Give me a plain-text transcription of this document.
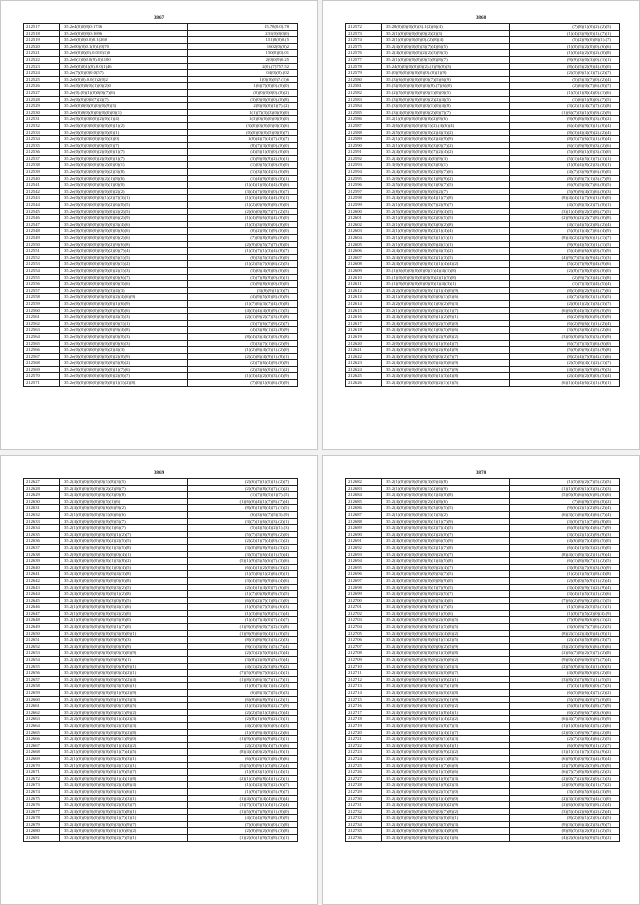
3867
212517	35.2e4(0)0)9)0:1736	15,78(0.0).78
212518	35.2e0(0)0)9)0:1696	231(0)0)0)0)
212519	35.2e0(0)0)0.0)0.1(260	151)8(0)0.(5
212520	35.2e00)(0)0.1(0)1(0)70	1602(0)(0)2
212521	35.2e0(0)0)(0).0.010)1)0	150(0)(0).01
212522	35.2e0(1)0)0.0(9).0)1100	2(0)0(9)0.25
212523	35.2e0(0)0)1)(0).0.0)1)46	2(0).(7)757.52
212524	35.2e(7)(0)(0)0.0(57)	04(0)(0).(02
212525	35.2e0(0)0).0.0(1)2(0)2	1(0)(0)(0)7.(1)6
212526	35.2e(0)(0)0(0)(1)(0)(2)0	1(6)(7)(0)(0).(0)(0)
212527	35.2e(0).(0)(1)(0)0(0)(7)(6)	(0)(0)(0)0(0).(0)(2)
212528	35.2e(0)(0)(0)0(7)(2)(7)	(3)(0)(0)(0)(0).(0)(8)
212529	35.2e0(0)0(0)(0)(0)(0)(9)(3)	2(8)(0)(0)(1)(7).(2)
212530	35.2e0(0)0(0)(0)(0)(0)(0)(0)(1)	1(1)(7)(3)(3)(0)(0)(0)
212531	35.2e(0)(0)(0)0(0)(2)(0)(1)(4)	1(3)(0)(0)(0)(0)(0)(0)
212532	35.2e(0)(0)(0)0(0)(0)(0)(0)(1)(2)	(3)(0)(0)(0)(0)(0)(3)(6)
212533	35.2e(0)(0)(0)0(0)(0)(0)(0)(1)	(0)(0)(0)(0)(5)(0)(0)(7)
212534	35.2e(0)(0)(0)0(0)(0)(0)(3)(0)	1(0)(4)(7)(4)(7).(0)(7)
212535	35.2e(0)(0)(0)0(0)(0)(0)(5)(7)	(8)(7)(3)(0)(0).(0)(0)
212536	35.2e(0)(0)(0)0(0)(2)(0)(0)(1)(7)	(4)(5)(1)(0)(0).(0)(0)
212537	35.2e(0)(0)(0)0(0)(2)(0)(0)(1)(7)	(3)(9)(0)(9)(2).(6)(1)
212538	35.2e(0)(0)(0)0(0)(0)(2)(0)(0)(1)	(1)(0)(5)(3)(0).(0)(0)
212539	35.2e(0)(0)(0)0(0)(0)(0)(2)(3)(8)	(1)(3)(5)(4)(3).(0)(9)
212540	35.2e(0)(0)(0)0(0)(0)(2)(1)(8)(6)	(1)(4)(9)(0)(0).(0)(1)
212541	35.2e(0)(0)(0)0(0)(0)(0)(1)(0)(0)	(1)(4)(1)(0)(4)(4).(8)(6)
212542	35.2e(0)(0)(0)0(0)(0)(0)(0)(2)(2)	(3)(4)(7)(0)(0)(0).(0)(7)
212543	35.2e(0)(0)(0)0(0)(0)(1)(2)(7)(3)(1)	(1)(3)(4)(0)(4)(4).(0)(1)
212544	35.2e(0)(0)(0)0(0)(0)(0)(2)(6)(0)(5)	(1)(2)(0)(9)(8)(8).(0)(0)
212545	35.2e(0)(0)(0)0(0)(0)(0)(0)(2)(2)(5)	(2)(6)(0)(8)(7)(7).(2)(5)
212546	35.2e(0)(0)(0)0(0)(0)(0)(0)(6)(2)(9)	(1)(4)(9)(6)(0)(4).(0)(0)
212547	35.2e(0)(0)(0)0(0)(0)(0)(0)(3)(4)(6)	(1)(3)(3)(0)(0)(0).(0)(0)
212548	35.2e(0)(0)(0)0(0)(0)(0)(0)(0)(6)(6)	(0)(2)(0)(1)(9).(0)(0)
212549	35.2e(0)(0)(0)0(0)(0)(0)(0)(0)(2)(6)	(7)(0)(8)(8)(8).(0)(0)
212550	35.2e(0)(0)(0)0(0)(0)(0)(2)(9)(6)(8)	(2)(9)(0)(5)(7)(7).(8)(0)
212551	35.2e(0)(0)(0)0(0)(0)(0)(2)(0)(7)(4)	(1)(3)(7)(1)(3)(4).(8)(7)
212552	35.2e(0)(0)(0)0(0)(0)(0)(0)(5)(1)(5)	(0)(3)(5)(3)(5).(0)(0)
212553	35.2e(0)(0)(0)0(0)(0)(0)(0)(0)(1)(2)	(1)(2)(5)(7)(6)(6).(2)(5)
212554	35.2e(0)(0)(0)0(0)(0)(0)(0)(2)(1)(3)	(3)(0)(4)(9)(0).(0)(0)
212555	35.2e(0)(0)(0)0(0)(0)(0)(0)(0)(6)(7)	(3)(7)(8)(9)(0).(0)(1)
212556	35.2e(0)(0)(0)0(0)(0)(0)(0)(0)(3)(6)	(3)(9)(8)(6)(0).(0)(0)
212557	35.2e(0)(0)(0)0(0)(0)(0)(3)(4)(3)	(3)(8)(9)(1)(3)(7)
212558	35.2e(0)(0)(0)0(0)(0)(0)(0)(2)(4)(6)(9)	(4)(9)(5)(0)(8).(0)(9)
212559	35.2e(0)(0)(0)0(0)(0)(0)(0)(1)(6)(9)	(1)(7)(6)(3)(7)(4).(0)(8)
212560	35.2e(0)(0)(0)0(0)(0)(0)(0)(5)(8)(6)	(4)(3)(4)(4)(8)(9).(1)(5)
212561	35.2e(0)(0)(0)0(0)(0)(0)(0)(4)(3)(3)	(2)(1)(9)(2)(7)(3).(0)(8)
212562	35.2e(0)(0)(0)0(0)(0)(0)(0)(0)(1)(1)	(3)(7)(6)(7)(9).(2)(7)
212563	35.2e(0)(0)(0)0(0)(0)(0)(0)(9)(4)(8)	(4)(3)(8)(1)(2).(8)(9)
212564	35.2e(0)(0)(0)0(0)(0)(0)(0)(0)(0)(3)	(8)(4)(3)(4)(3)(0).(8)(8)
212565	35.2e(0)(0)(0)0(0)(0)(0)(0)(0)(6)(3)	(5)(3)(7)(1)(6).(2)(9)
212566	35.2e(0)(0)(0)0(0)(0)(0)(2)(4)(3)	(1)(2)(8)(4)(5)(1).(2)(0)
212567	35.2e(0)(0)(0)0(0)(0)(0)(0)(2)(0)(9)	(2)(2)(8)(4)(9)(1).(8)(1)
212568	35.2e(0)(0)(0)0(0)(0)(0)(0)(5)(8)(2)	(2)(7)(6)(4)(9).(0)(9)
212569	35.2e(0)(0)(0)0(0)(0)(0)(0)(1)(7)(6)	(2)(3)(6)(0)(3).(1)(2)
212570	35.2e(0)(0)(0)0(0)(0)(0)(0)(2)(0)(7)	(1)(3)(4)(2)(0)(3).(4)(9)
212571	35.2e(0)(0)(0)0(0)(0)(0)(0)(1)(1)(2)(8)	(7)(0)(1)(6)(6).(0)(9)
3868
212572	35.28(0)(0)(0)(0)(3).1(2)(6)(4)	(7)(8)(1)(0)(2).(2)(5)
212573	35.2(1)(0)(0)(0)(0)(0)(2)(2)(3)	(1)(4)(3)(9)(0)(1).(7)(1)
212574	35.2(1)(0)(0)(0)(0)(0).(2)(8)(4)	(5)(2)(9)(0)(8)(1).(7)
212575	35.2(4)(0)(0)(0)(0)(3)(7)(4)(6)(5)	(1)(0)(5)(2)(0)(0).(6)(6)
212576	35.2(4)(0)(0)(0)(0)(2)(2)(3)(9)(3)	(1)(0)(4)(2)(0)(2).(0)(8)
212577	35.2(1)(0)(0)(0)(0)(0)(1)(8)(8)(7)	(9)(9)(3)(0)(3)(0).(1)(1)
212578	35.24(0)(0)(0)(0)(0)(2).(1)(9)(0)(3)	(8)(4)(5)(2)(9)(4).(0)(0)
212579	35.(0)(9)(0)(0)(0)(0)(0).(0)(1)(9)	(2)(5)(0)(1)(1)(7).(2)(7)
212580	35.(3)(6)(0)(0)(0)(0)(0)(7)(5)(6)(9)	(5)(5)(3)(7)(0).(2)(4)
212581	35.(3)(0)(0)(0)(0)(0)(0)(8).(7)(6)(0)	(2)(6)(0)(7)(6).(0)(7)
212582	35.(2)(5)(0)(0)(0)(0)(0)(1)(0)(0)(5)	(1)(5)(1)(8)(4)(0).(1)(6)
212583	35.(3)(8)(0)(0)(0)(0)(0)(2)(2)(4)(5)	(1)(6)(1)(8)(0).(7)(5)
212584	35.(3)(0)(0)(0)(0)(0)(0)(1)(0)(4)(8)	(3)(2)(1)(4)(7)(7).(2)(8)
212585	35.(3)(4)(0)(0)(0)(0)(0)(2)(0)(7)(7)	(1)(6)(7)(3)(1)(0)(9).(2)(9)
212586	35.2(1)(0)(0)(0)(0)(0)(0)(2)(9)(6)	(9)(9)(8)(0)(8)(3).(8)(2)
212587	35.2(6)(0)(0)(0)(0)(0)(1)(2).(4)(6)(4)	(6)(4)(8)(9)(3)(1).(0)(4)
212588	35.2(5)(0)(0)(0)(0)(0)(0)(2)(4)(3)(2)	(8)(3)(4)(4)(9)(2).(2)(4)
212589	35.2(1)(5)(0)(0)(0)(0)(0)(2)(4)(9)(9)	(8)(5)(7)(6)(5)(1).(0)(4)
212590	35.2(1)(0)(0)(0)(0)(0)(0)(3)(0)(7)(2)	(6)(1)(9)(9)(0)(3).(2)(6)
212591	35.2(4)(0)(0)(0)(0)(0)(0)(7)(2)(4)(2)	(5)(0)(8)(1)(0)(3).(3)(0)
212592	35.2(4)(0)(0)(0)(0)(0)(4)(0)(9)(3)	(5)(1)(4)(5)(1)(7).(1)(1)
212593	35.3(0)(9)(0)(0)(0)(0)(0)(3)(0)(1)	(1)(8)(4)(8)(2)(3).(8)(1)
212594	35.2(4)(0)(0)(0)(0)(0)(0)(2)(8)(7)(6)	(4)(7)(3)(9)(9)(6).(0)(0)
212595	35.2(0)(9)(0)(0)(0)(0)(0)(1)(8)(9)(2)	(8)(3)(9)(7)(1)(3).(7)(9)
212596	35.2(5)(0)(0)(0)(0)(0)(0)(1)(0)(7)(5)	(6)(9)(5)(0)(7)(6).(8)(5)
212597	35.2(8)(9)(0)(0)(0)(0)(0)(0)(2)(7)	(5)(9)(9)(4)(5)(6).(0)(3)
212598	35.2(4)(0)(0)(0)(0)(0)(0)(4)(1)(7)(8)	(8)(4)(4)(1)(7)(6)(1).(0)(0)
212599	35.2(1)(0)(0)(0)(0)(0)(0)(7)(2)(9)(7)	(4)(5)(8)(3)(2)(7).(0)(1)
212600	35.2(5)(0)(0)(0)(0)(0)(0)(2)(9)(4)(5)	(3)(1)(4)(8)(2)(5)(8).(7)(5)
212601	35.2(1)(0)(0)(0)(0)(0)(0)(2)(0)(5)(5)	(2)(9)(6)(2)(2)(7)(8).(0)(8)
212602	35.2(1)(0)(0)(0)(0)(0)(0)(3)(0)(2)(8)	(4)(1)(4)(5)(2)(8).(2)(4)
212603	35.2(1)(0)(0)(0)(0)(0)(0)(2)(1)(4)(4)	(5)(0)(1)(4)(7)(6).(4)(9)
212604	35.2(1)(0)(0)(0)(0)(0)(0)(3)(1)(1)(1)	(8)(4)(2)(2)(9)(6)(1).(1)(7)
212605	35.2(1)(0)(0)(0)(0)(0)(0)(0)(4)(1)(1)	(9)(9)(4)(5)(3)(1).(1)(5)
212606	35.2(4)(0)(0)(0)(0)(0)(0)(0)(4)(3)(2)	(5)(4)(6)(6)(6)(0).(5)(9)
212607	35.2(4)(0)(0)(0)(0)(0)(0)(2)(1)(3)(5)	(4)(9)(7)(5)(4)(9)(4).(5)(3)
212608	35.2(4)(0)(0)(0)(0)(0)(0)(1)(1)(4)(4)(2)	(5)(2)(7)(9)(9)(4).(9)(6)
212609	35.(1)(6)(0)(0)(0)(0)(0)(1)(4)(4)(1)(8)	(2)(8)(7)(8)(0)(0).(0)(0)
212610	35.(1)(0)(0)(0)(0)(0)(0)(0)(2)(1)(5)(8)	(2)(9)(7)(3)(4).(3)(8)
212611	35.(1)(9)(0)(0)(0)(0)(0)(0)(1)(4)(3)(1)	(1)(7)(3)(5)(4).(5)(4)
212612	35.2(2)(0)(0)(0)(0)(0)(0)(1)(1)(4)(0)(9)	(8)(3)(8)(2)(9)(4).(7)(6)
212613	35.2(1)(0)(0)(0)(0)(0)(0)(0)(0)(1)(5)(6)	(4)(7)(3)(0)(3)(1).(0)(5)
212614	35.2(2)(0)(0)(0)(0)(0)(0)(1)(0)(2)(9)(3)	(2)(8)(1)(2)(1)(3).(3)(7)
212615	35.2(1)(0)(0)(0)(0)(0)(0)(0)(2)(3)(1)(7)	(6)(6)(8)(4)(3)(3)(9).(0)(9)
212616	35.2(4)(0)(0)(0)(0)(0)(0)(0)(1)(2)(9)(1)	(6)(2)(9)(8)(6)(9).(0)(9)
212617	35.2(4)(0)(0)(0)(0)(0)(0)(0)(2)(5)(8)(0)	(6)(2)(9)(6)(1)(1).(2)(4)
212618	35.2(4)(0)(0)(0)(0)(0)(0)(1)(0)(5)(9)(6)	(3)(9)(3)(8)(4)(5).(2)(6)
212619	35.2(4)(0)(0)(0)(0)(0)(0)(0)(2)(9)(8)(2)	(3)(0)(8)(8)(5)(0)(3).(0)(9)
212620	35.2(0)(0)(0)(0)(0)(0)(0)(1)(1)(0)(4)(7)	(6)(7)(7)(3)(5)(6).(6)(0)
212621	35.2(4)(0)(0)(0)(0)(0)(0)(0)(2)(8)(4)(9)	(5)(9)(0)(9)(4)(5).(9)(8)
212622	35.2(4)(0)(0)(0)(0)(0)(0)(0)(0)(2)(7)(7)	(8)(2)(4)(7)(8)(4).(1)(6)
212623	35.2(4)(0)(0)(0)(0)(0)(0)(0)(4)(0)(6)(9)	(2)(5)(8)(4)(1)(2).(1)(7)
212624	35.2(4)(0)(0)(0)(0)(0)(0)(0)(1)(3)(7)(9)	(4)(5)(6)(3)(9)(8).(9)(3)
212625	35.2(4)(0)(0)(0)(0)(0)(0)(0)(1)(3)(4)(8)	(2)(4)(8)(2)(8)(0).(5)(4)
212626	35.2(4)(0)(0)(0)(0)(0)(0)(0)(2)(1)(1)(5)	(6)(1)(4)(4)(6)(2)(1).(8)(1)
3869
212627	35.2(4)(0)(0)(0)(0)(0)(1)(8)(3)(5)	(2)(6)(7)(1)(5)(1).(2)(7)
212628	35.2(4)(0)(0)(0)(0)(0)(2)(2)(8)(7)	(2)(9)(5)(8)(3)(7).(1)(2)
212629	35.2(4)(0)(0)(0)(0)(0)(0)(3)(0)(8)	(1)(7)(8)(5)(1)(7).(5)
212630	35.2(4)(0)(0)(0)(0)(0)(5)(1)(6)	(1)(6)(0)(4)(1)(7)(8).(7)(4)
212631	35.2(4)(0)(0)(0)(0)(0)(6)(6)(9)(2)	(8)(8)(1)(9)(4)(7).(1)(5)
212632	35.2(1)(0)(0)(0)(0)(0)(1)(6)(6)(6)	(6)(3)(6)(7)(5)(3).(9)
212633	35.2(4)(0)(0)(0)(0)(0)(0)(9)(5)(7)	(3)(7)(1)(6)(5)(3).(2)(1)
212634	35.2(1)(0)(0)(0)(0)(0)(0)(1)(6)(7)	(5)(4)(5)(4)(2)(1).(3)
212635	35.2(4)(0)(0)(0)(0)(0)(0)(0)(1)(2)(7)	(5)(7)(5)(8)(9)(9).(2)(0)
212636	35.2(4)(0)(0)(0)(0)(0)(0)(2)(2)(5)(5)	(2)(2)(1)(7)(4)(0).(1)(2)
212637	35.2(4)(0)(0)(0)(0)(0)(0)(1)(3)(5)(8)	(3)(0)(8)(8)(9)(4).(3)(2)
212638	35.2(0)(0)(0)(0)(0)(0)(0)(0)(0)(4)(1)	(3)(5)(7)(6)(4)(1).(5)(4)
212639	35.2(4)(0)(0)(0)(0)(0)(0)(1)(3)(8)(2)	(5)(1)(9)(5)(5)(6)(7).(3)(6)
212640	35.2(4)(0)(0)(0)(0)(0)(0)(1)(0)(4)(5)	(6)(4)(1)(2)(0)(6).(3)(2)
212641	35.2(4)(0)(0)(0)(0)(0)(0)(0)(4)(3)(8)	(1)(5)(0)(1)(2)(6).(0)(1)
212642	35.2(4)(0)(0)(0)(0)(0)(0)(0)(0)(6)(8)	(3)(4)(5)(9)(9)(6).(4)(6)
212643	35.2(4)(0)(0)(0)(0)(0)(0)(0)(3)(2)(5)	(2)(4)(1)(4)(0)(7).(6)(0)
212644	35.2(4)(0)(0)(0)(0)(0)(0)(0)(1)(2)(8)	(1)(7)(0)(8)(8)(9).(5)(5)
212645	35.2(4)(0)(0)(0)(0)(0)(0)(3)(0)(8)(5)	(6)(0)(2)(7)(1)(8).(1)(0)
212646	35.2(1)(0)(0)(0)(0)(0)(0)(0)(4)(1)(6)	(1)(9)(5)(7)(5)(6).(6)(3)
212647	35.2(1)(0)(0)(0)(0)(0)(0)(0)(2)(2)(0)	(1)(3)(6)(5)(8)(5).(1)(4)
212648	35.2(1)(0)(0)(0)(0)(0)(0)(0)(5)(0)(0)	(1)(4)(7)(4)(0)(7).(4)(7)
212649	35.2(4)(0)(0)(0)(0)(0)(0)(0)(1)(7)(0)	(1)(9)(0)(9)(0)(7)(2).(3)(8)
212650	35.2(4)(0)(0)(0)(0)(0)(0)(0)(3)(0)(0)(1)	(1)(9)(9)(6)(0)(4)(1).(0)(5)
212651	35.2(4)(0)(0)(0)(0)(0)(0)(0)(0)(9)(3)	(8)(3)(8)(9)(3)(3).(2)(3)
212652	35.2(4)(0)(0)(0)(0)(0)(0)(0)(0)(0)(9)	(9)(1)(3)(0)(1)(5).(7)(4)
212653	35.2(4)(0)(0)(0)(0)(0)(0)(0)(0)(3)(0)(9)	(2)(5)(2)(5)(0)(4).(5)(4)
212654	35.2(4)(0)(0)(0)(0)(0)(0)(0)(0)(9)(1)	(3)(8)(2)(0)(8)(5).(5)(4)
212655	35.2(4)(0)(0)(0)(0)(0)(0)(0)(0)(8)(9)(1)	(4)(1)(2)(2)(3)(8).(9)(2)
212656	35.2(0)(0)(0)(0)(0)(0)(0)(0)(0)(4)(2)(1)	(7)(5)(9)(9)(7)(6)(2).(4)(1)
212657	35.2(4)(0)(0)(0)(0)(0)(0)(0)(0)(5)(2)(4)	(1)(8)(3)(6)(3)(7)(1).(7)(1)
212658	35.2(4)(0)(0)(0)(0)(0)(0)(0)(3)(5)(6)(1)	(1)(8)(7)(4)(1)(4).(2)(3)
212659	35.2(4)(0)(0)(0)(0)(0)(0)(0)(1)(9)(2)(9)	(6)(8)(3)(7)(5).(0)(3)
212660	35.2(4)(0)(0)(0)(0)(0)(0)(0)(1)(0)(3)(3)	(6)(8)(6)(8)(9)(1).(2)(1)
212661	35.2(4)(0)(0)(0)(0)(0)(0)(0)(0)(1)(8)(5)	(1)(3)(2)(6)(8)(2).(7)(9)
212662	35.2(2)(0)(0)(0)(0)(0)(0)(0)(0)(1)(9)(2)	(2)(2)(5)(1)(3)(6).(5)(4)
212663	35.2(2)(0)(0)(0)(0)(0)(0)(0)(1)(4)(2)(3)	(2)(8)(1)(6)(9)(2).(3)(1)
212664	35.2(4)(0)(0)(0)(0)(0)(0)(0)(2)(3)(5)(3)	(4)(2)(0)(3)(6)(0).(4)(3)
212665	35.2(4)(0)(0)(0)(0)(0)(0)(0)(0)(0)(2)(8)	(1)(0)(9)(4)(0)(3).(2)(6)
212666	35.2(4)(0)(0)(0)(0)(0)(0)(0)(0)(1)(9)(0)	(1)(9)(6)(8)(6)(9)(8).(3)(1)
212667	35.2(4)(0)(0)(0)(0)(0)(0)(0)(1)(4)(4)(2)	(2)(2)(3)(8)(4)(7).(6)(6)
212668	35.2(1)(0)(0)(0)(0)(0)(0)(0)(1)(7)(4)(5)	(8)(4)(4)(0)(2)(9)(4).(0)(1)
212669	35.2(1)(0)(0)(0)(0)(0)(0)(0)(2)(8)(3)(1)	(6)(9)(2)(9)(5)(8).(8)(6)
212670	35.2(1)(0)(0)(0)(0)(0)(0)(0)(4)(1)(2)(1)	(5)(5)(8)(9)(1)(3)(8).(2)(4)
212671	35.2(4)(0)(0)(0)(0)(0)(0)(0)(1)(9)(5)(7)	(1)(8)(3)(1)(0)(1).(4)(1)
212672	35.2(4)(0)(0)(0)(0)(0)(0)(0)(1)(4)(1)(8)	(2)(1)(3)(8)(8)(4)(1).(2)(1)
212673	35.2(4)(0)(0)(0)(0)(0)(0)(0)(2)(4)(8)(4)	(1)(4)(2)(3)(5)(2).(6)(7)
212674	35.2(4)(0)(0)(0)(0)(0)(0)(0)(3)(6)(6)(1)	(1)(9)(7)(0)(6)(5).(9)(7)
212675	35.2(4)(0)(0)(0)(0)(0)(0)(0)(4)(2)(3)(1)	(1)(4)(6)(7)(4)(4)(6).(0)(4)
212676	35.2(4)(0)(0)(0)(0)(0)(0)(0)(2)(0)(3)(7)	(1)(7)(3)(7)(1)(4)(1).(2)(4)
212677	35.2(4)(0)(0)(0)(0)(0)(0)(0)(2)(5)(8)(1)	(1)(5)(9)(7)(9)(0)(1).(0)(0)
212678	35.2(4)(0)(0)(0)(0)(0)(0)(0)(1)(7)(1)(1)	(4)(3)(4)(9)(9)(8).(8)(9)
212679	35.2(4)(0)(0)(0)(0)(0)(0)(0)(3)(6)(9)(7)	(7)(6)(6)(9)(6)(0).(1)(8)
212680	35.2(4)(0)(0)(0)(0)(0)(0)(0)(1)(6)(0)(2)	(2)(8)(9)(2)(6)(9).(3)(8)
212681	35.2(4)(0)(0)(0)(0)(0)(0)(0)(2)(7)(5)(1)	(1)(2)(6)(1)(9)(5)(8).(3)(1)
3870
212682	35.2(1)(0)(0)(0)(0)(0)(3)(0)(4)(8)	(1)(5)(0)(2)(7)(5).(2)(5)
212683	35.2(1)(0)(0)(0)(0)(0)(1)(2)(6)(9)	(1)(1)(0)(0)(1)(3)(3).(2)(3)
212684	35.2(4)(0)(0)(0)(0)(0)(0)(1)(4)(0)(8)	(5)(0)(8)(6)(6)(6)(8).(0)(6)
212685	35.2(4)(0)(0)(0)(0)(0)(2)(4)(8)(6)	(7)(6)(9)(5)(9).(0)(2)
212686	35.2(4)(0)(0)(0)(0)(0)(0)(3)(0)(5)(5)	(9)(6)(2)(1)(2)(8).(2)(4)
212687	35.2(1)(0)(0)(0)(0)(0)(1)(1)(3)(2)	(6)(3)(1)(6)(8)(4)(6).(7)(4)
212688	35.2(4)(0)(0)(0)(0)(0)(0)(1)(1)(7)(9)	(3)(0)(7)(1)(7)(8).(8)(0)
212689	35.2(4)(0)(0)(0)(0)(0)(0)(2)(7)(4)(5)	(6)(8)(4)(9)(4)(6).(7)(9)
212690	35.2(4)(0)(0)(0)(0)(0)(0)(2)(2)(0)(7)	(3)(3)(2)(1)(2)(9).(9)(3)
212691	35.2(4)(0)(0)(0)(0)(0)(0)(0)(6)(5)(9)	(4)(6)(8)(7)(4)(8).(5)(0)
212692	35.2(4)(0)(0)(0)(0)(0)(0)(2)(1)(7)(8)	(6)(4)(1)(0)(3)(2).(0)(0)
212693	35.2(4)(0)(0)(0)(0)(0)(0)(0)(2)(0)(7)	(8)(4)(1)(8)(3)(2)(1).(9)(4)
212694	35.2(4)(0)(0)(0)(0)(0)(0)(1)(4)(5)(8)	(6)(1)(8)(8)(7)(1).(2)(5)
212695	35.2(4)(0)(0)(0)(0)(0)(0)(0)(2)(4)(7)	(3)(8)(3)(7)(6)(3).(6)(9)
212696	35.2(4)(0)(0)(0)(0)(0)(0)(0)(3)(7)(5)	(1)(2)(1)(5)(3)(8).(4)(8)
212697	35.2(4)(0)(0)(0)(0)(0)(0)(0)(8)(9)(0)	(2)(8)(0)(5)(9)(1).(2)(4)
212698	35.2(4)(0)(0)(0)(0)(0)(0)(1)(7)(9)(5)	(3)(4)(0)(9)(1)(2).(9)(4)
212699	35.2(4)(0)(0)(0)(0)(0)(0)(0)(2)(5)(7)	(3)(4)(1)(5)(3)(1).(2)(6)
212700	35.2(4)(0)(0)(0)(0)(0)(0)(0)(5)(4)(0)	(7)(6)(2)(9)(9)(2)(8).(1)(5)
212701	35.2(4)(0)(0)(0)(0)(0)(0)(0)(1)(7)(5)	(1)(5)(6)(2)(5)(5).(1)(1)
212702	35.2(4)(0)(0)(0)(0)(0)(0)(0)(1)(0)(6)	(1)(8)(7)(5)(2)(0)(4).(9)
212703	35.2(4)(0)(0)(0)(0)(0)(0)(0)(2)(0)(6)(5)	(7)(8)(9)(8)(6)(0).(1)(2)
212704	35.2(4)(0)(0)(0)(0)(0)(0)(0)(1)(5)(8)(5)	(3)(6)(9)(7)(7)(6).(2)(3)
212705	35.2(4)(0)(0)(0)(0)(0)(0)(0)(2)(4)(6)(2)	(8)(2)(1)(2)(4)(0)(4).(0)(1)
212706	35.2(4)(0)(0)(0)(0)(0)(0)(0)(1)(1)(2)(5)	(2)(4)(3)(5)(8)(8).(3)(7)
212707	35.2(4)(0)(0)(0)(0)(0)(0)(0)(0)(2)(5)(9)	(3)(2)(3)(9)(0)(6)(6).(0)(6)
212708	35.2(4)(0)(0)(0)(0)(0)(0)(0)(1)(3)(8)(8)	(2)(6)(7)(8)(2)(5)(7).(2)(8)
212709	35.2(4)(0)(0)(0)(0)(0)(0)(0)(2)(0)(0)(2)	(9)(0)(4)(9)(0)(0)(7).(7)(4)
212710	35.2(4)(0)(0)(0)(0)(0)(0)(0)(3)(1)(5)(3)	(2)(5)(9)(0)(3)(4)(1).(6)(3)
212711	35.2(4)(0)(0)(0)(0)(0)(0)(0)(2)(0)(8)(7)	(4)(8)(8)(8)(6)(0).(2)(0)
212712	35.2(4)(0)(0)(0)(0)(0)(0)(0)(1)(0)(2)(1)	(3)(8)(3)(7)(8)(5)(1).(5)(5)
212713	35.2(4)(0)(0)(0)(0)(0)(0)(0)(3)(7)(1)(9)	(7)(3)(1)(8)(6)(0).(7)(3)
212714	35.2(4)(0)(0)(0)(0)(0)(0)(0)(4)(0)(3)(8)	(6)(5)(8)(6)(4)(7).(2)(2)
212715	35.2(4)(0)(0)(0)(0)(0)(0)(0)(2)(0)(1)(9)	(5)(3)(9)(4)(0)(7).(0)(0)
212716	35.2(4)(0)(0)(0)(0)(0)(0)(0)(1)(3)(9)(2)	(5)(8)(1)(9)(4)(8).(7)(9)
212717	35.2(4)(0)(0)(0)(0)(0)(0)(0)(1)(8)(4)(1)	(6)(2)(9)(6)(7)(0).(6)(6)
212718	35.2(4)(0)(0)(0)(0)(0)(0)(0)(1)(4)(2)(2)	(6)(4)(7)(9)(3)(6)(6).(0)(9)
212719	35.2(4)(0)(0)(0)(0)(0)(0)(0)(2)(8)(7)(3)	(1)(1)(8)(4)(6)(4)(5).(2)(6)
212720	35.2(4)(0)(0)(0)(0)(0)(0)(0)(1)(4)(1)(7)	(2)(0)(1)(9)(9)(7)(6).(2)(8)
212721	35.2(4)(0)(0)(0)(0)(0)(0)(0)(0)(1)(3)(3)	(2)(7)(3)(8)(4)(6).(2)(5)
212722	35.2(4)(0)(0)(0)(0)(0)(0)(0)(0)(6)(4)(1)	(6)(8)(9)(9)(8)(1).(2)(7)
212723	35.2(4)(0)(0)(0)(0)(0)(0)(0)(0)(9)(2)(2)	(1)(1)(1)(1)(7)(3)(3).(9)(2)
212724	35.2(4)(0)(0)(0)(0)(0)(0)(0)(2)(1)(8)(5)	(6)(9)(8)(0)(9)(3)(4).(8)(4)
212725	35.2(4)(0)(0)(0)(0)(0)(0)(0)(1)(7)(6)(0)	(2)(7)(8)(8)(2)(5)(8).(0)(9)
212726	35.2(4)(0)(0)(0)(0)(0)(0)(0)(1)(3)(8)(6)	(6)(7)(7)(8)(8)(6)(8).(2)(3)
212727	35.2(4)(0)(0)(0)(0)(0)(0)(0)(1)(0)(7)(3)	(2)(0)(7)(2)(8)(2)(0).(1)(3)
212728	35.2(4)(0)(0)(0)(0)(0)(0)(0)(1)(9)(2)(3)	(2)(0)(9)(8)(3)(4)(1).(7)(2)
212729	35.2(4)(0)(0)(0)(0)(0)(0)(0)(2)(5)(7)(0)	(3)(3)(8)(5)(6)(4).(3)(9)
212730	35.2(4)(0)(0)(0)(0)(0)(0)(0)(1)(4)(9)(0)	(2)(3)(3)(0)(9)(5)(4).(1)(0)
212731	35.2(4)(0)(0)(0)(0)(0)(0)(0)(2)(6)(2)(9)	(2)(6)(6)(0)(5)(0)(8).(2)(4)
212732	35.2(4)(0)(0)(0)(0)(0)(0)(0)(0)(7)(8)(2)	(3)(5)(4)(2)(6)(8)(2).(2)(4)
212733	35.2(4)(0)(0)(0)(0)(0)(0)(0)(3)(0)(0)(1)	(8)(2)(0)(1)(2)(0).(4)(5)
212734	35.2(4)(0)(0)(0)(0)(0)(0)(0)(3)(5)(9)(3)	(9)(3)(3)(6)(4)(2)(3).(9)(7)
212735	35.2(4)(0)(0)(0)(0)(0)(0)(0)(0)(4)(8)(8)	(8)(8)(5)(3)(2)(8)(1).(2)(5)
212736	35.2(4)(0)(0)(0)(0)(0)(0)(0)(2)(4)(1)(6)	(4)(2)(6)(4)(6)(0)(5).(0)(2)
